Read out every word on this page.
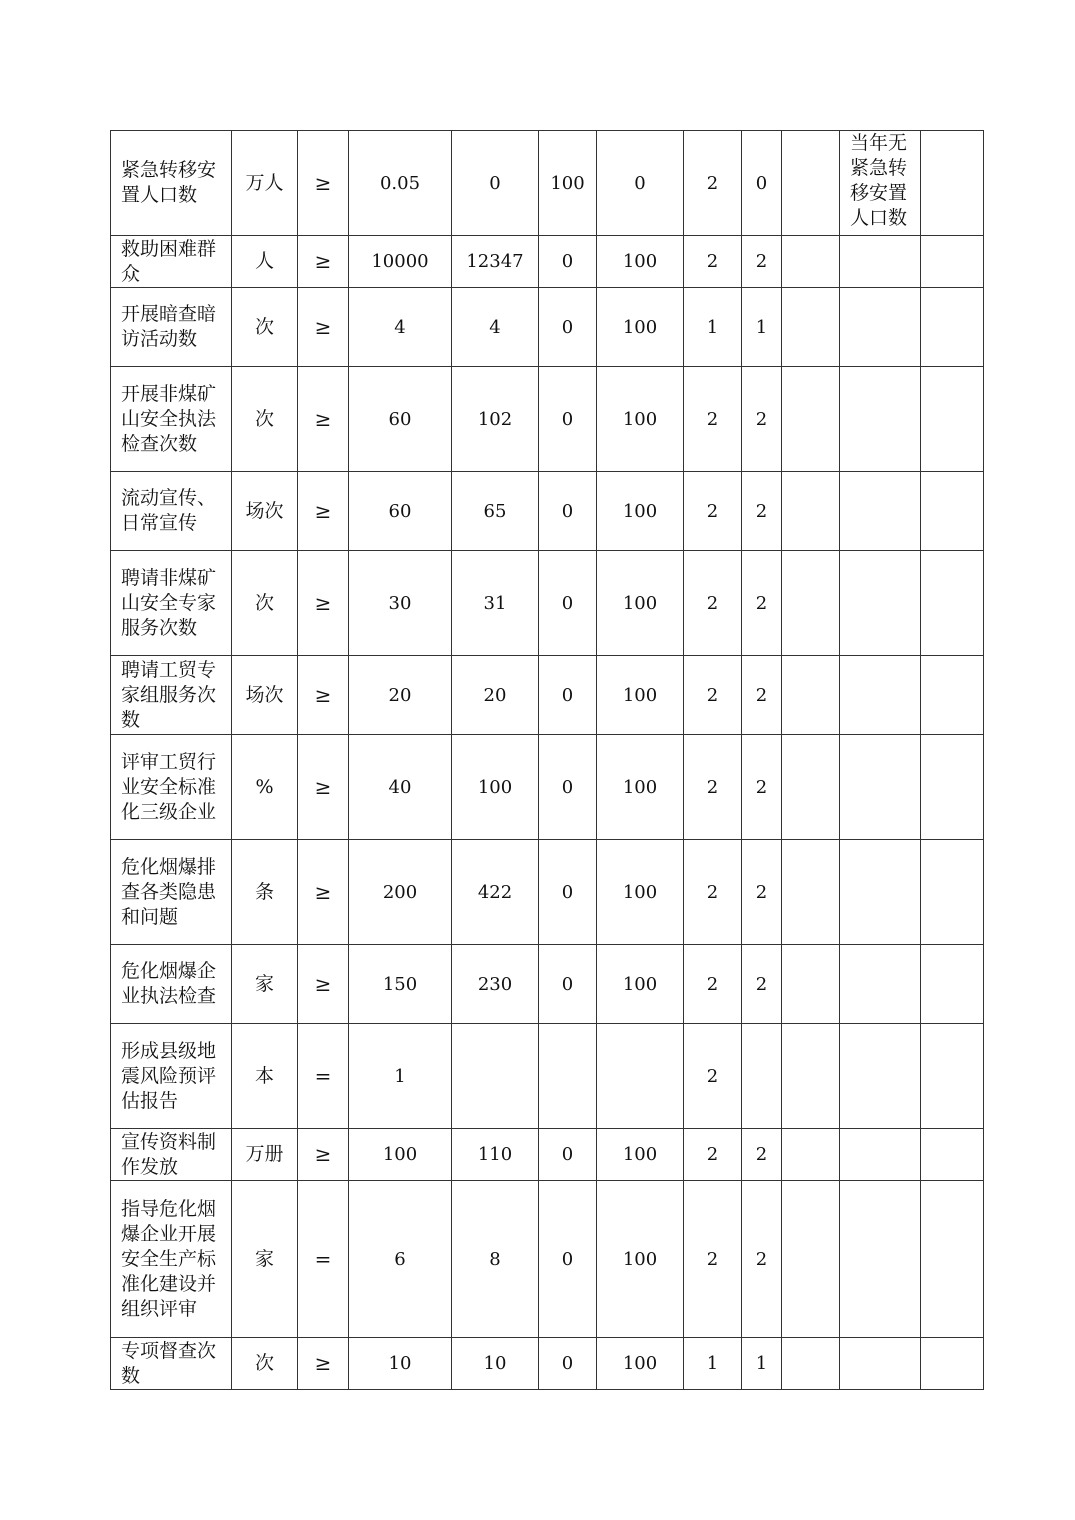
紧急转移安置人口数	万人	≥	0.05	0	100	0	2	0		当年无紧急转移安置人口数	
救助困难群众	人	≥	10000	12347	0	100	2	2			
开展暗查暗访活动数	次	≥	4	4	0	100	1	1			
开展非煤矿山安全执法检查次数	次	≥	60	102	0	100	2	2			
流动宣传、日常宣传	场次	≥	60	65	0	100	2	2			
聘请非煤矿山安全专家服务次数	次	≥	30	31	0	100	2	2			
聘请工贸专家组服务次数	场次	≥	20	20	0	100	2	2			
评审工贸行业安全标准化三级企业	%	≥	40	100	0	100	2	2			
危化烟爆排查各类隐患和问题	条	≥	200	422	0	100	2	2			
危化烟爆企业执法检查	家	≥	150	230	0	100	2	2			
形成县级地震风险预评估报告	本	=	1				2				
宣传资料制作发放	万册	≥	100	110	0	100	2	2			
指导危化烟爆企业开展安全生产标准化建设并组织评审	家	=	6	8	0	100	2	2			
专项督查次数	次	≥	10	10	0	100	1	1			
